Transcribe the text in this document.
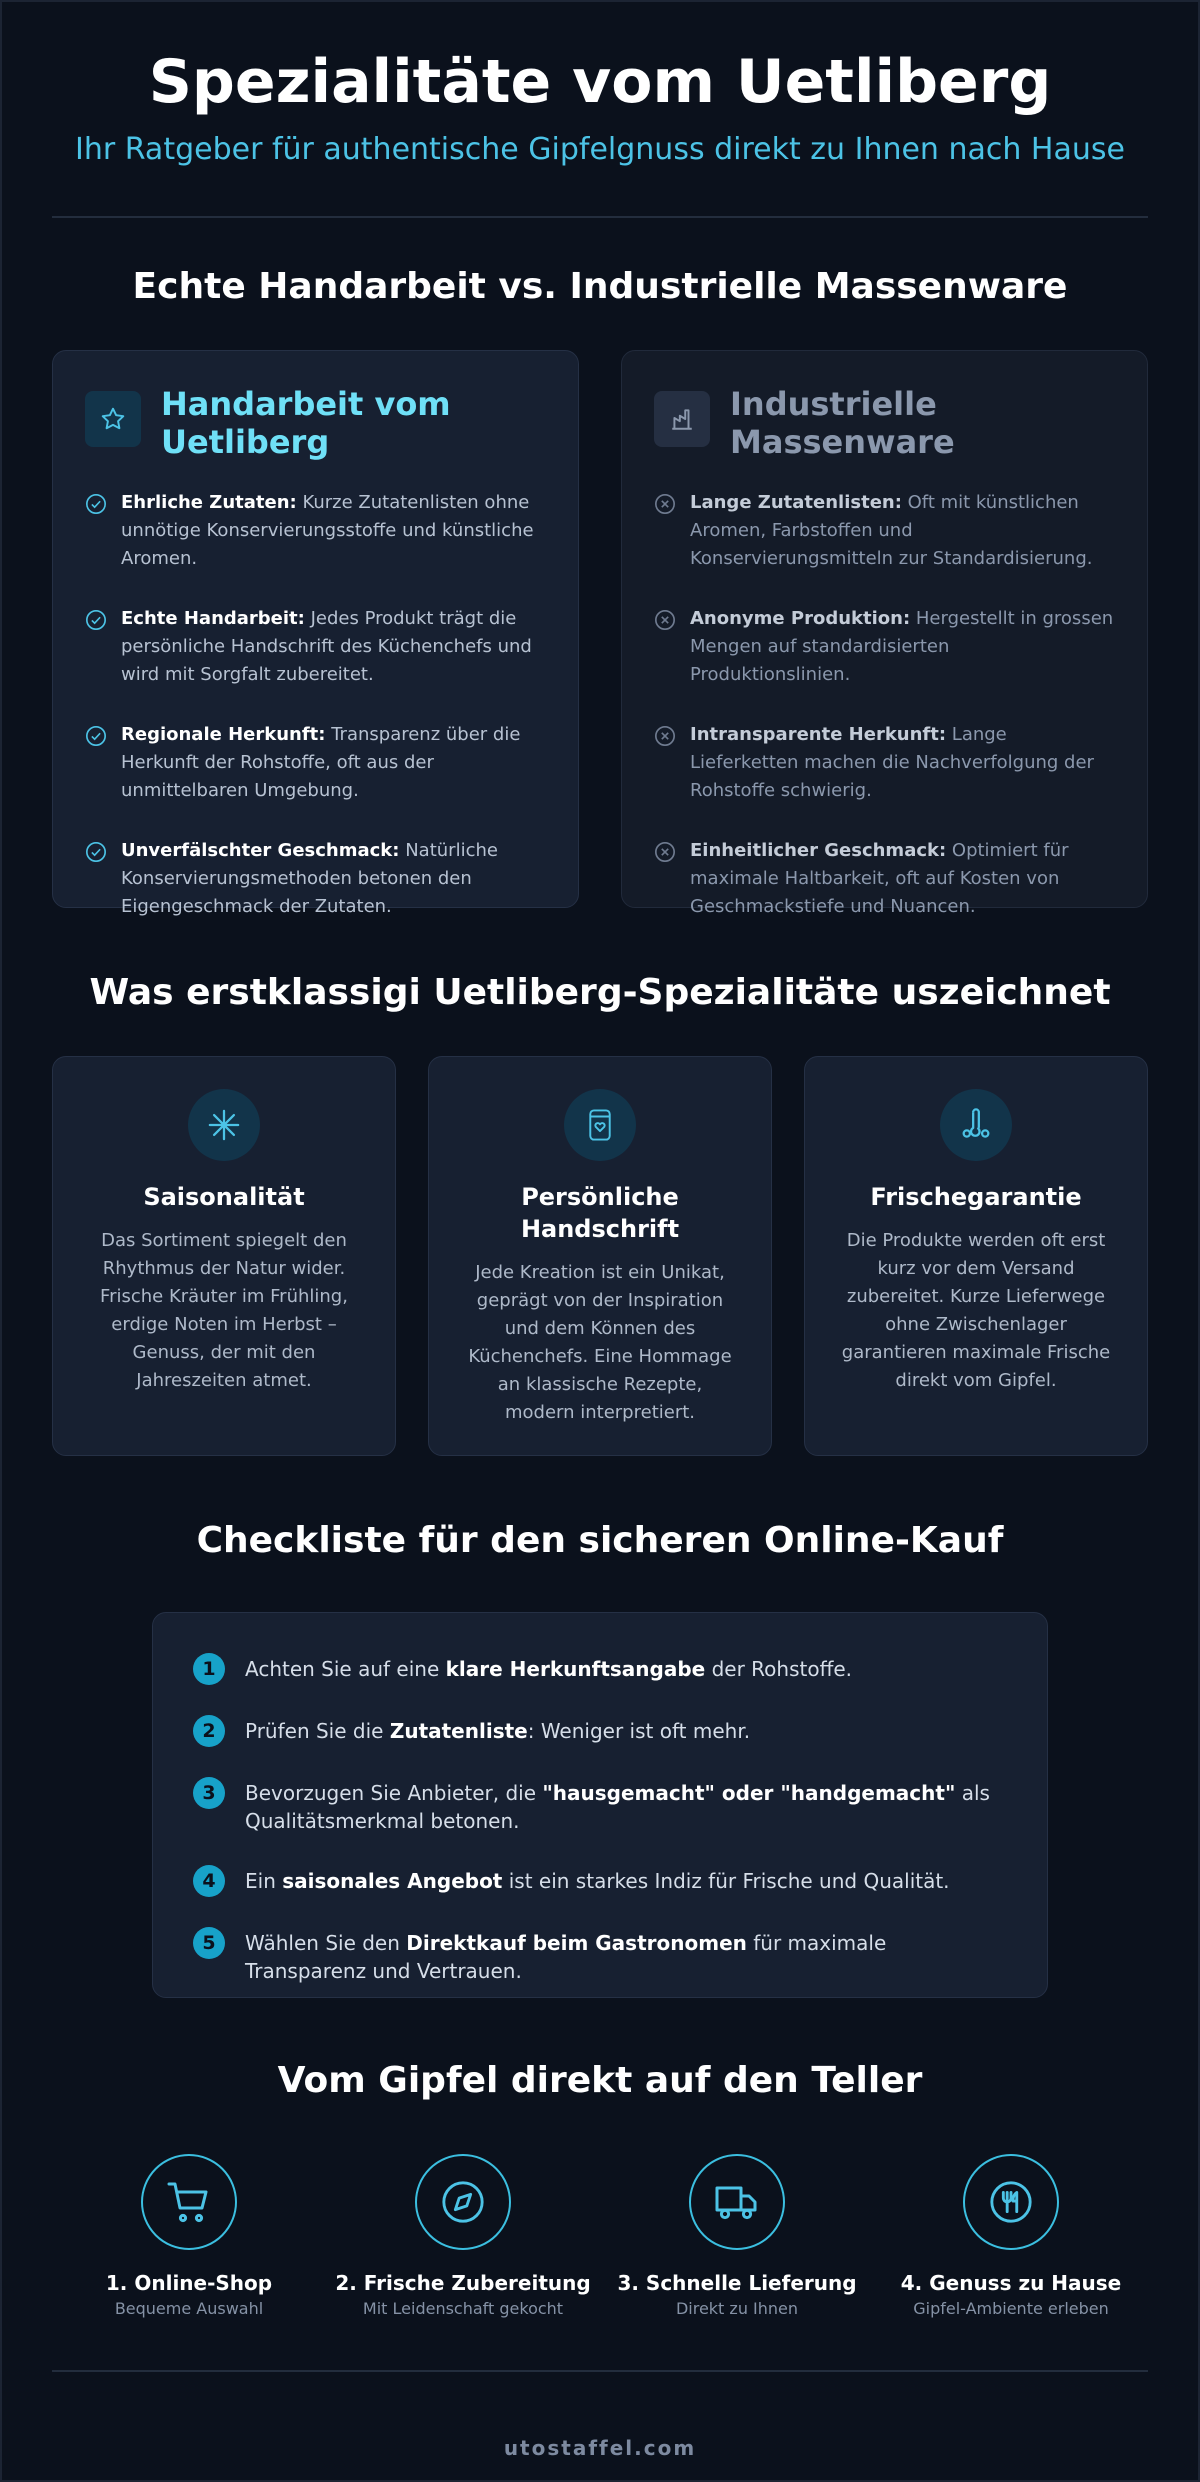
Spezialitäte vom Uetliberg

Ihr Ratgeber für authentische Gipfelgnuss direkt zu Ihnen nach Hause

Echte Handarbeit vs. Industrielle Massenware
Handarbeit vom Uetliberg
Ehrliche Zutaten: Kurze Zutatenlisten ohne unnötige Konservierungsstoffe und künstliche Aromen.
Echte Handarbeit: Jedes Produkt trägt die persönliche Handschrift des Küchenchefs und wird mit Sorgfalt zubereitet.
Regionale Herkunft: Transparenz über die Herkunft der Rohstoffe, oft aus der unmittelbaren Umgebung.
Unverfälschter Geschmack: Natürliche Konservierungsmethoden betonen den Eigengeschmack der Zutaten.
Industrielle Massenware
Lange Zutatenlisten: Oft mit künstlichen Aromen, Farbstoffen und Konservierungsmitteln zur Standardisierung.
Anonyme Produktion: Hergestellt in grossen Mengen auf standardisierten Produktionslinien.
Intransparente Herkunft: Lange Lieferketten machen die Nachverfolgung der Rohstoffe schwierig.
Einheitlicher Geschmack: Optimiert für maximale Haltbarkeit, oft auf Kosten von Geschmackstiefe und Nuancen.
Was erstklassigi Uetliberg-Spezialitäte uszeichnet
Saisonalität
Das Sortiment spiegelt den Rhythmus der Natur wider. Frische Kräuter im Frühling, erdige Noten im Herbst – Genuss, der mit den Jahreszeiten atmet.
Persönliche Handschrift
Jede Kreation ist ein Unikat, geprägt von der Inspiration und dem Können des Küchenchefs. Eine Hommage an klassische Rezepte, modern interpretiert.
Frischegarantie
Die Produkte werden oft erst kurz vor dem Versand zubereitet. Kurze Lieferwege ohne Zwischenlager garantieren maximale Frische direkt vom Gipfel.
Checkliste für den sicheren Online-Kauf
1	Achten Sie auf eine klare Herkunftsangabe der Rohstoffe.
2	Prüfen Sie die Zutatenliste: Weniger ist oft mehr.
3	Bevorzugen Sie Anbieter, die "hausgemacht" oder "handgemacht" als Qualitätsmerkmal betonen.
4	Ein saisonales Angebot ist ein starkes Indiz für Frische und Qualität.
5	Wählen Sie den Direktkauf beim Gastronomen für maximale Transparenz und Vertrauen.
Vom Gipfel direkt auf den Teller
1. Online-Shop
Bequeme Auswahl
2. Frische Zubereitung
Mit Leidenschaft gekocht
3. Schnelle Lieferung
Direkt zu Ihnen
4. Genuss zu Hause
Gipfel-Ambiente erleben
utostaffel.com
